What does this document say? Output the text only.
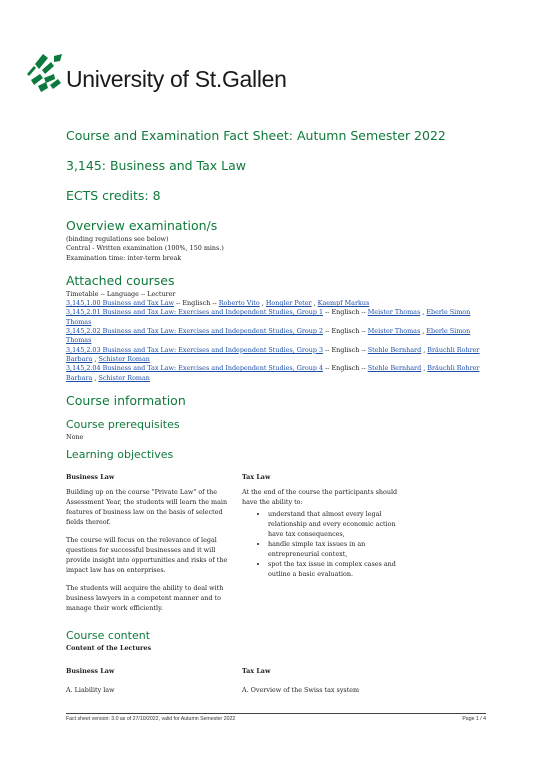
University of St.Gallen
Course and Examination Fact Sheet: Autumn Semester 2022
3,145: Business and Tax Law
ECTS credits: 8
Overview examination/s
(binding regulations see below)
Central - Written examination (100%, 150 mins.)
Examination time: inter-term break
Attached courses
Timetable -- Language -- Lecturer
3,145,1.00 Business and Tax Law -- Englisch -- Roberto Vito , Hongler Peter , Kaempf Markus
3,145,2.01 Business and Tax Law: Exercises and Independent Studies, Group 1 -- Englisch -- Meister Thomas , Eberle Simon Thomas
3,145,2.02 Business and Tax Law: Exercises and Independent Studies, Group 2 -- Englisch -- Meister Thomas , Eberle Simon Thomas
3,145,2.03 Business and Tax Law: Exercises and Independent Studies, Group 3 -- Englisch -- Stehle Bernhard , Bräuchli Rohrer Barbara , Schister Roman
3,145,2.04 Business and Tax Law: Exercises and Independent Studies, Group 4 -- Englisch -- Stehle Bernhard , Bräuchli Rohrer Barbara , Schister Roman
Course information
Course prerequisites
None
Learning objectives
Business Law
Building up on the course "Private Law" of the Assessment Year, the students will learn the main features of business law on the basis of selected fields thereof.
The course will focus on the relevance of legal questions for successful businesses and it will provide insight into opportunities and risks of the impact law has on enterprises.
The students will acquire the ability to deal with business lawyers in a competent manner and to manage their work efficiently.
Tax Law
At the end of the course the participants should have the ability to:
• understand that almost every legal relationship and every economic action have tax consequences,
• handle simple tax issues in an entrepreneurial context,
• spot the tax issue in complex cases and outline a basic evaluation.
Course content
Content of the Lectures
Business Law
A. Liability law
Tax Law
A. Overview of the Swiss tax system
Fact sheet version: 3.0 as of 27/10/2022, valid for Autumn Semester 2022	Page 1 / 4
